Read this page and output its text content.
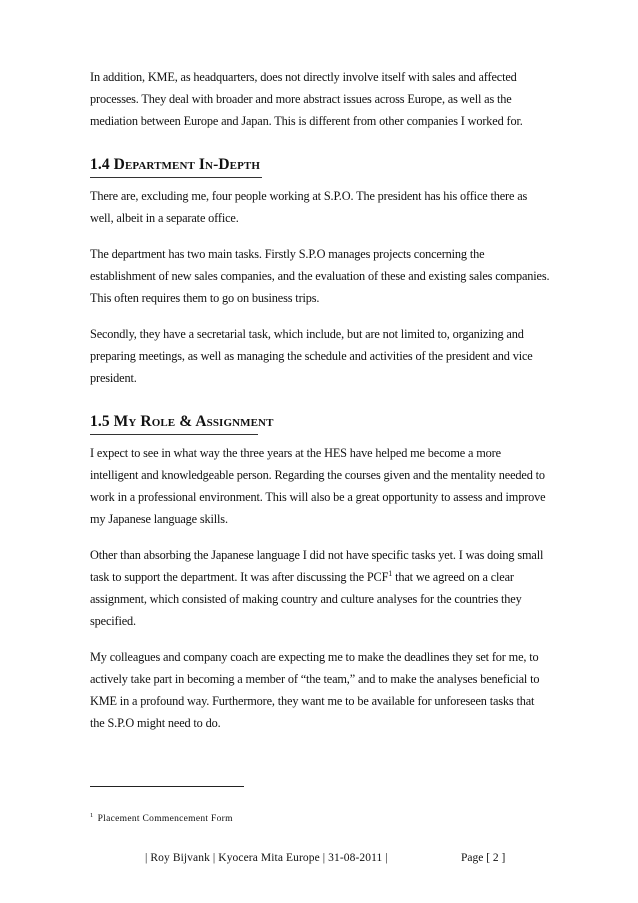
In addition, KME, as headquarters, does not directly involve itself with sales and affected processes. They deal with broader and more abstract issues across Europe, as well as the mediation between Europe and Japan. This is different from other companies I worked for.

1.4 Department In-Depth

There are, excluding me, four people working at S.P.O. The president has his office there as well, albeit in a separate office.

The department has two main tasks. Firstly S.P.O manages projects concerning the establishment of new sales companies, and the evaluation of these and existing sales companies. This often requires them to go on business trips.

Secondly, they have a secretarial task, which include, but are not limited to, organizing and preparing meetings, as well as managing the schedule and activities of the president and vice president.

1.5 My Role & Assignment

I expect to see in what way the three years at the HES have helped me become a more intelligent and knowledgeable person. Regarding the courses given and the mentality needed to work in a professional environment. This will also be a great opportunity to assess and improve my Japanese language skills.

Other than absorbing the Japanese language I did not have specific tasks yet. I was doing small task to support the department. It was after discussing the PCF$^1$ that we agreed on a clear assignment, which consisted of making country and culture analyses for the countries they specified.

My colleagues and company coach are expecting me to make the deadlines they set for me, to actively take part in becoming a member of “the team,” and to make the analyses beneficial to KME in a profound way. Furthermore, they want me to be available for unforeseen tasks that the S.P.O might need to do.

$^1$ Placement Commencement Form
| Roy Bijvank | Kyocera Mita Europe | 31-08-2011 |	Page [ 2 ]
